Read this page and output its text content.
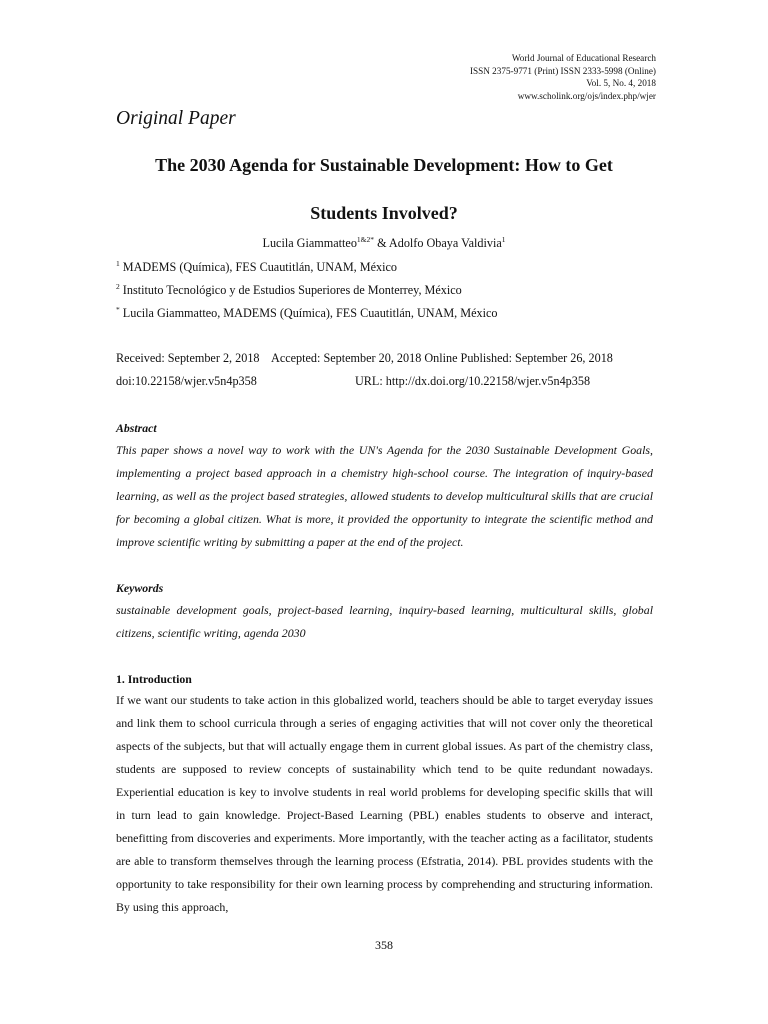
World Journal of Educational Research
ISSN 2375-9771 (Print) ISSN 2333-5998 (Online)
Vol. 5, No. 4, 2018
www.scholink.org/ojs/index.php/wjer
Original Paper
The 2030 Agenda for Sustainable Development: How to Get
Students Involved?
Lucila Giammatteo$^{1\&2*}$ & Adolfo Obaya Valdivia$^1$
$^1$ MADEMS (Química), FES Cuautitlán, UNAM, México
$^2$ Instituto Tecnológico y de Estudios Superiores de Monterrey, México
* Lucila Giammatteo, MADEMS (Química), FES Cuautitlán, UNAM, México
Received: September 2, 2018    Accepted: September 20, 2018 Online Published: September 26, 2018
doi:10.22158/wjer.v5n4p358	URL: http://dx.doi.org/10.22158/wjer.v5n4p358
Abstract

This paper shows a novel way to work with the UN's Agenda for the 2030 Sustainable Development Goals, implementing a project based approach in a chemistry high-school course. The integration of inquiry-based learning, as well as the project based strategies, allowed students to develop multicultural skills that are crucial for becoming a global citizen. What is more, it provided the opportunity to integrate the scientific method and improve scientific writing by submitting a paper at the end of the project.

Keywords

sustainable development goals, project-based learning, inquiry-based learning, multicultural skills, global citizens, scientific writing, agenda 2030

1. Introduction

If we want our students to take action in this globalized world, teachers should be able to target everyday issues and link them to school curricula through a series of engaging activities that will not cover only the theoretical aspects of the subjects, but that will actually engage them in current global issues. As part of the chemistry class, students are supposed to review concepts of sustainability which tend to be quite redundant nowadays. Experiential education is key to involve students in real world problems for developing specific skills that will in turn lead to gain knowledge. Project-Based Learning (PBL) enables students to observe and interact, benefitting from discoveries and experiments. More importantly, with the teacher acting as a facilitator, students are able to transform themselves through the learning process (Efstratia, 2014). PBL provides students with the opportunity to take responsibility for their own learning process by comprehending and structuring information. By using this approach,

358
